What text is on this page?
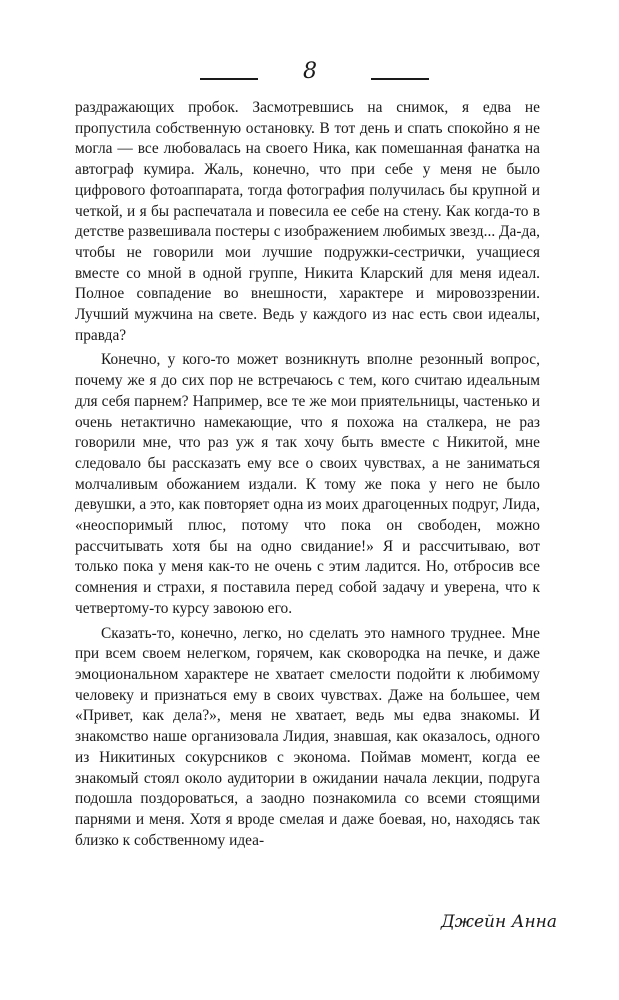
8

раздражающих пробок. Засмотревшись на снимок, я едва не пропустила собственную остановку. В тот день и спать спокойно я не могла — все любовалась на своего Ника, как помешанная фанатка на автограф кумира. Жаль, конечно, что при себе у меня не было цифрового фотоаппарата, тогда фотография получилась бы крупной и четкой, и я бы распечатала и повесила ее себе на стену. Как когда-то в детстве развешивала постеры с изображением любимых звезд... Да-да, чтобы не говорили мои лучшие подружки-сестрички, учащиеся вместе со мной в одной группе, Никита Кларский для меня идеал. Полное совпадение во внешности, характере и мировоззрении. Лучший мужчина на свете. Ведь у каждого из нас есть свои идеалы, правда?

Конечно, у кого-то может возникнуть вполне резонный вопрос, почему же я до сих пор не встречаюсь с тем, кого считаю идеальным для себя парнем? Например, все те же мои приятельницы, частенько и очень нетактично намекающие, что я похожа на сталкера, не раз говорили мне, что раз уж я так хочу быть вместе с Никитой, мне следовало бы рассказать ему все о своих чувствах, а не заниматься молчаливым обожанием издали. К тому же пока у него не было девушки, а это, как повторяет одна из моих драгоценных подруг, Лида, «неоспоримый плюс, потому что пока он свободен, можно рассчитывать хотя бы на одно свидание!» Я и рассчитываю, вот только пока у меня как-то не очень с этим ладится. Но, отбросив все сомнения и страхи, я поставила перед собой задачу и уверена, что к четвертому-то курсу завоюю его.

Сказать-то, конечно, легко, но сделать это намного труднее. Мне при всем своем нелегком, горячем, как сковородка на печке, и даже эмоциональном характере не хватает смелости подойти к любимому человеку и признаться ему в своих чувствах. Даже на большее, чем «Привет, как дела?», меня не хватает, ведь мы едва знакомы. И знакомство наше организовала Лидия, знавшая, как оказалось, одного из Никитиных сокурсников с эконома. Поймав момент, когда ее знакомый стоял около аудитории в ожидании начала лекции, подруга подошла поздороваться, а заодно познакомила со всеми стоящими парнями и меня. Хотя я вроде смелая и даже боевая, но, находясь так близко к собственному идеа-

Джейн Анна
